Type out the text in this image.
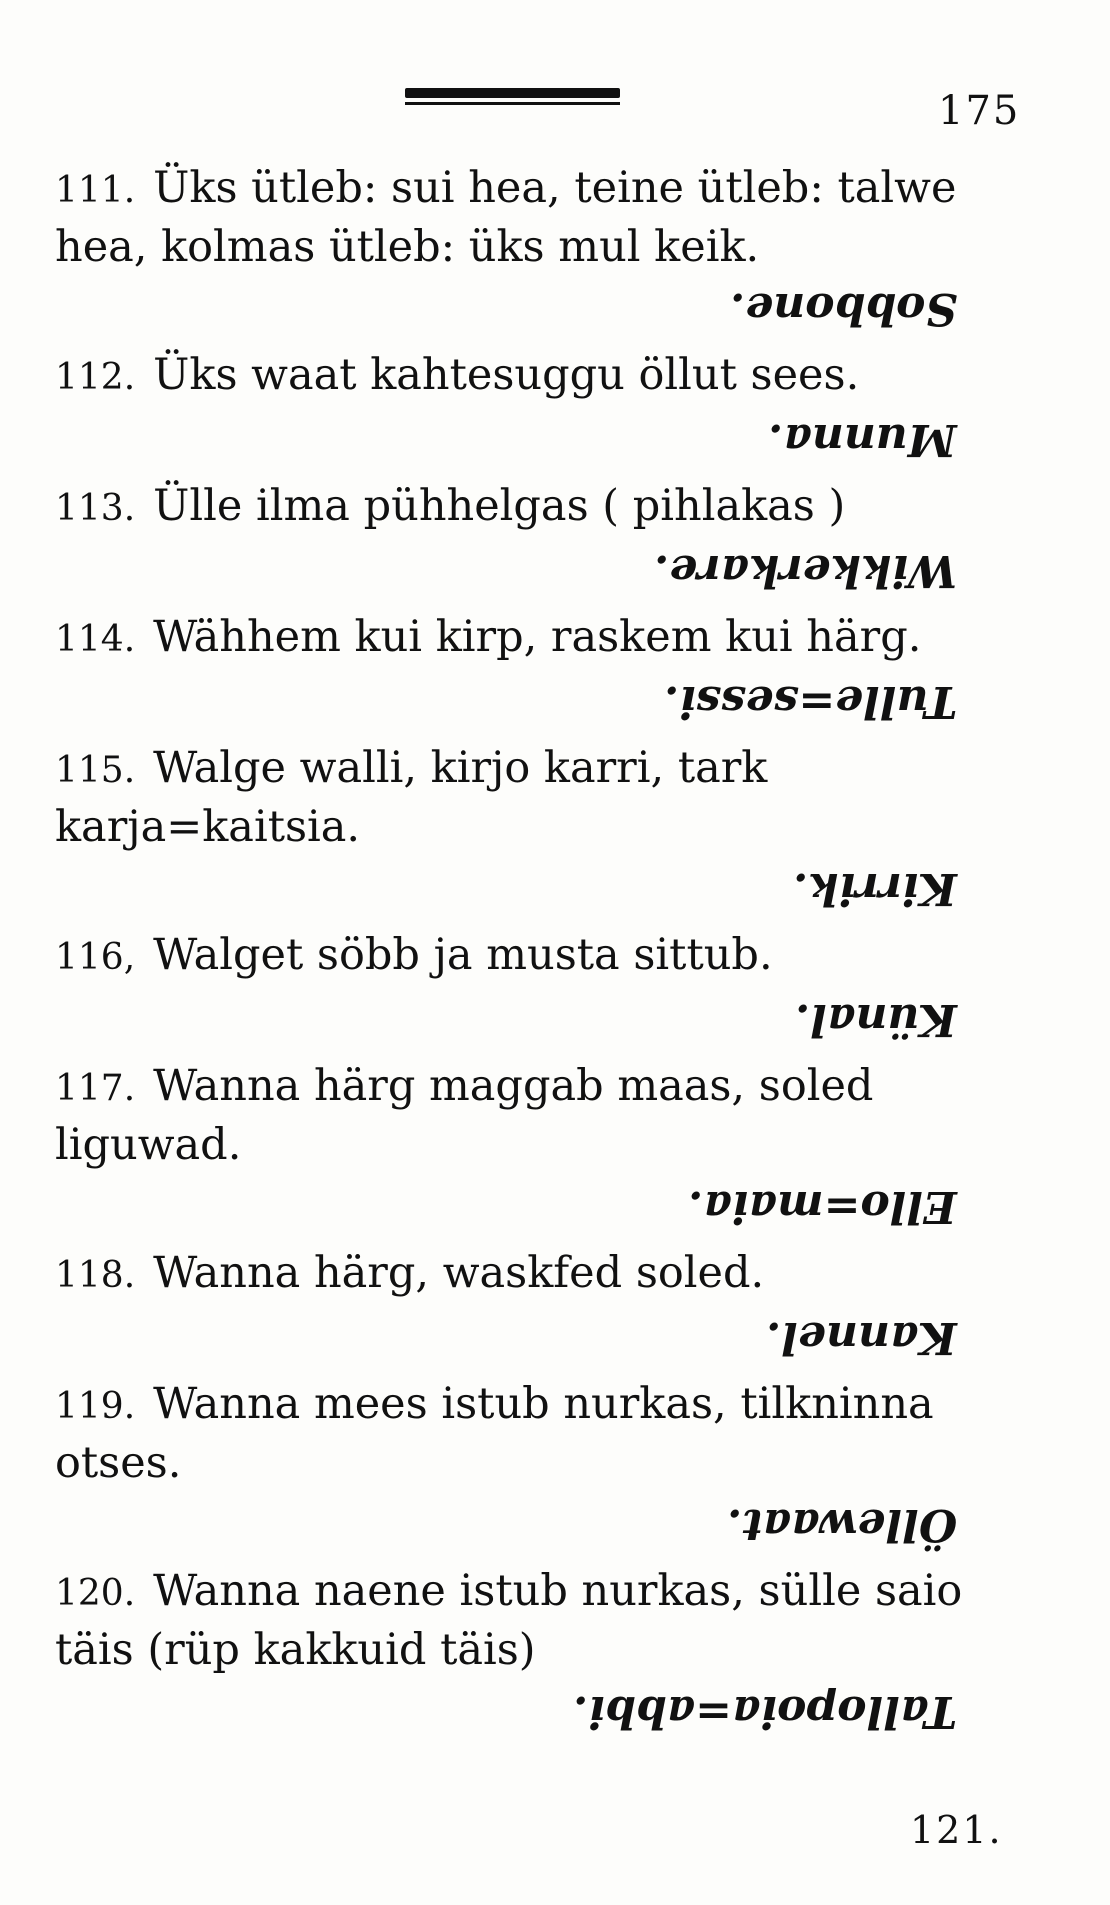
175

111. Üks ütleb: sui hea, teine ütleb: talwe hea, kolmas ütleb: üks mul keik.

Sobbone.

112. Üks waat kahtesuggu öllut sees.

Munna.

113. Ülle ilma pühhelgas ( pihlakas )

Wikkerkare.

114. Wähhem kui kirp, raskem kui härg.

Tulle=sessi.

115. Walge walli, kirjo karri, tark karja=kaitsia.

Kirrik.

116, Walget söbb ja musta sittub.

Künal.

117. Wanna härg maggab maas, soled liguwad.

Ello=maia.

118. Wanna härg, waskfed soled.

Kannel.

119. Wanna mees istub nurkas, tilkninna otses.

Öllewaat.

120. Wanna naene istub nurkas, sülle saio täis (rüp kakkuid täis)

Tallopoia=abbi.
121.
